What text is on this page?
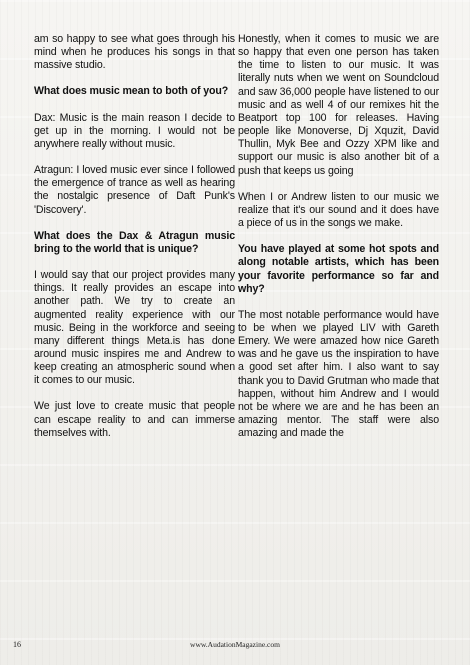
am so happy to see what goes through his mind when he produces his songs in that massive studio.

What does music mean to both of you?

Dax: Music is the main reason I decide to get up in the morning. I would not be anywhere really without music.

Atragun: I loved music ever since I followed the emergence of trance as well as hearing the nostalgic presence of Daft Punk's 'Discovery'.

What does the Dax & Atragun music bring to the world that is unique?

I would say that our project provides many things. It really provides an escape into another path. We try to create an augmented reality experience with our music. Being in the workforce and seeing many different things Meta.is has done around music inspires me and Andrew to keep creating an atmospheric sound when it comes to our music.

We just love to create music that people can escape reality to and can immerse themselves with.

Honestly, when it comes to music we are so happy that even one person has taken the time to listen to our music. It was literally nuts when we went on Soundcloud and saw 36,000 people have listened to our music and as well 4 of our remixes hit the Beatport top 100 for releases. Having people like Monoverse, Dj Xquzit, David Thullin, Myk Bee and Ozzy XPM like and support our music is also another bit of a push that keeps us going

When I or Andrew listen to our music we realize that it's our sound and it does have a piece of us in the songs we make.

You have played at some hot spots and along notable artists, which has been your favorite performance so far and why?

The most notable performance would have to be when we played LIV with Gareth Emery. We were amazed how nice Gareth was and he gave us the inspiration to have a good set after him. I also want to say thank you to David Grutman who made that happen, without him Andrew and I would not be where we are and he has been an amazing mentor. The staff were also amazing and made the

16	www.AudationMagazine.com
